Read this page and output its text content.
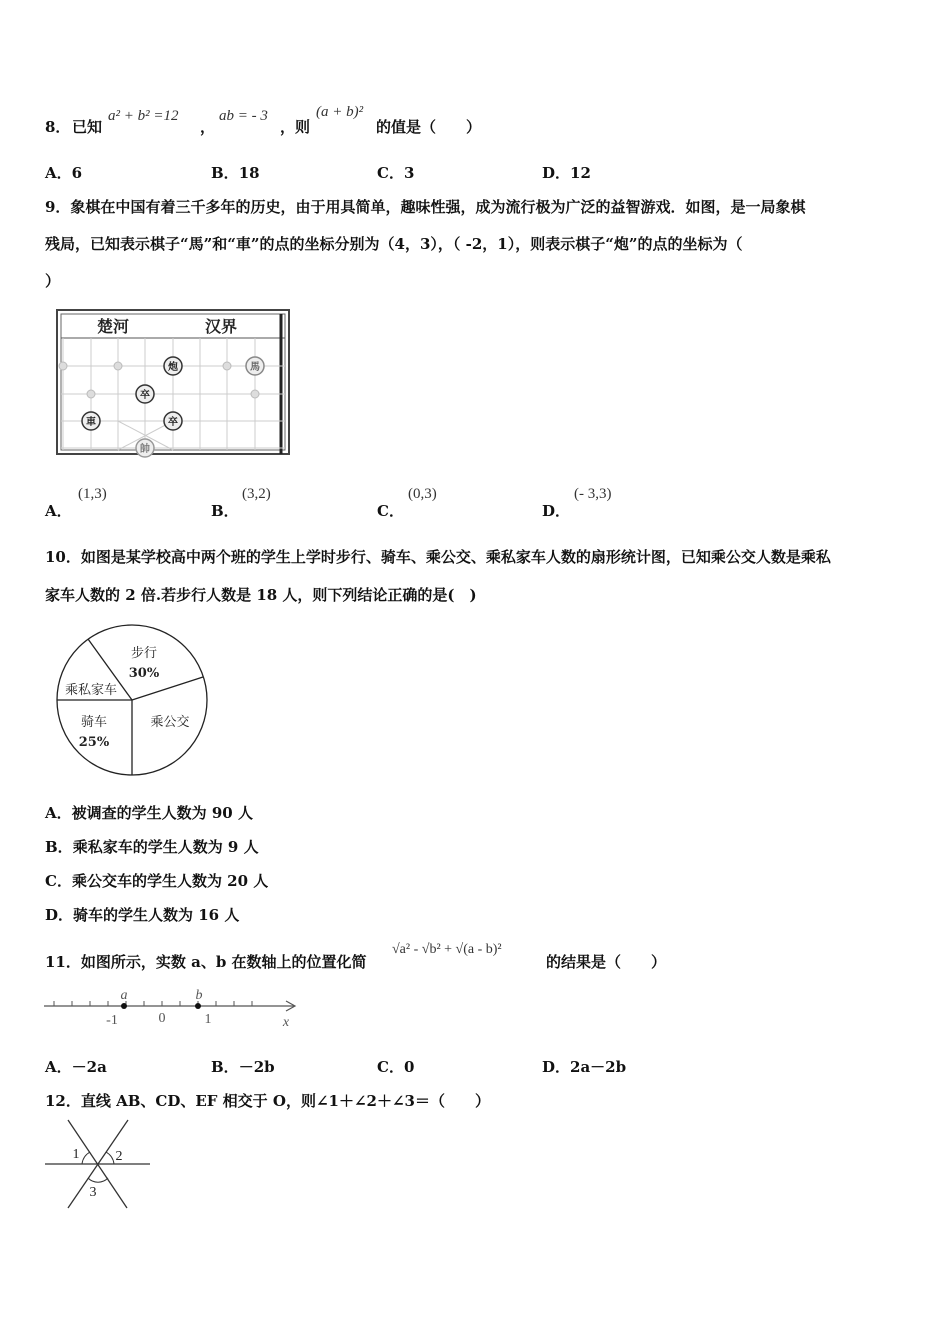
8． 已知
a² + b² =12
，
ab = - 3
，则
(a + b)²
的值是（　　）
A．6	B．18	C．3	D．12
9．象棋在中国有着三千多年的历史，由于用具简单，趣味性强，成为流行极为广泛的益智游戏．如图，是一局象棋
残局，已知表示棋子“馬”和“車”的点的坐标分别为（4，3），（ -2，1），则表示棋子“炮”的点的坐标为（
）
楚河	汉界
炮	馬
卒
車	卒
帥
A．
(1,3)
B．
(3,2)
C．
(0,3)
D．
(- 3,3)
10．如图是某学校高中两个班的学生上学时步行、骑车、乘公交、乘私家车人数的扇形统计图，已知乘公交人数是乘私
家车人数的 2 倍.若步行人数是 18 人，则下列结论正确的是(　)
步行
30%
乘私家车
骑车
25%
乘公交
A．被调查的学生人数为 90 人
B．乘私家车的学生人数为 9 人
C．乘公交车的学生人数为 20 人
D．骑车的学生人数为 16 人
11．如图所示，实数 a、b 在数轴上的位置化简
√a² - √b² + √(a - b)²
的结果是（　　）
a	b
-1	0	1	x
A．－2a	B．－2b	C．0	D．2a－2b
12．直线 AB、CD、EF 相交于 O，则∠1＋∠2＋∠3＝（　　）
1	2
3
